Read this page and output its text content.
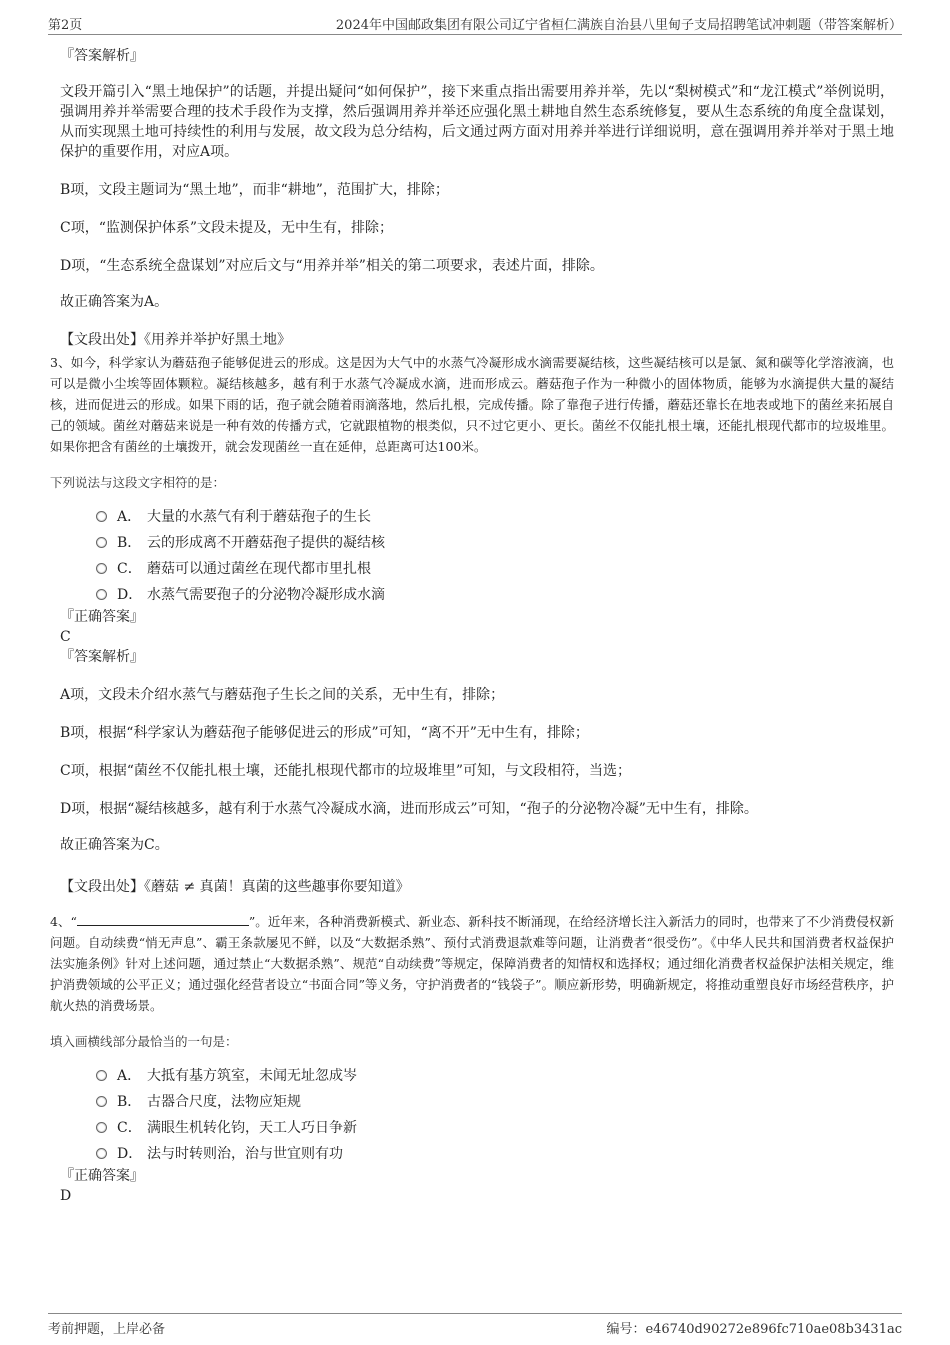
第2页	2024年中国邮政集团有限公司辽宁省桓仁满族自治县八里甸子支局招聘笔试冲刺题（带答案解析）
『答案解析』
文段开篇引入“黑土地保护”的话题，并提出疑问“如何保护”，接下来重点指出需要用养并举，先以“梨树模式”和“龙江模式”举例说明，强调用养并举需要合理的技术手段作为支撑，然后强调用养并举还应强化黑土耕地自然生态系统修复，要从生态系统的角度全盘谋划，从而实现黑土地可持续性的利用与发展，故文段为总分结构，后文通过两方面对用养并举进行详细说明，意在强调用养并举对于黑土地保护的重要作用，对应A项。
B项，文段主题词为“黑土地”，而非“耕地”，范围扩大，排除；
C项，“监测保护体系”文段未提及，无中生有，排除；
D项，“生态系统全盘谋划”对应后文与“用养并举”相关的第二项要求，表述片面，排除。
故正确答案为A。
【文段出处】《用养并举护好黑土地》

3、如今，科学家认为蘑菇孢子能够促进云的形成。这是因为大气中的水蒸气冷凝形成水滴需要凝结核，这些凝结核可以是氯、氮和碳等化学溶液滴，也可以是微小尘埃等固体颗粒。凝结核越多，越有利于水蒸气冷凝成水滴，进而形成云。蘑菇孢子作为一种微小的固体物质，能够为水滴提供大量的凝结核，进而促进云的形成。如果下雨的话，孢子就会随着雨滴落地，然后扎根，完成传播。除了靠孢子进行传播，蘑菇还靠长在地表或地下的菌丝来拓展自己的领域。菌丝对蘑菇来说是一种有效的传播方式，它就跟植物的根类似，只不过它更小、更长。菌丝不仅能扎根土壤，还能扎根现代都市的垃圾堆里。如果你把含有菌丝的土壤拨开，就会发现菌丝一直在延伸，总距离可达100米。

下列说法与这段文字相符的是：
A． 大量的水蒸气有利于蘑菇孢子的生长
B． 云的形成离不开蘑菇孢子提供的凝结核
C． 蘑菇可以通过菌丝在现代都市里扎根
D． 水蒸气需要孢子的分泌物冷凝形成水滴
『正确答案』
C
『答案解析』
A项，文段未介绍水蒸气与蘑菇孢子生长之间的关系，无中生有，排除；
B项，根据“科学家认为蘑菇孢子能够促进云的形成”可知，“离不开”无中生有，排除；
C项，根据“菌丝不仅能扎根土壤，还能扎根现代都市的垃圾堆里”可知，与文段相符，当选；
D项，根据“凝结核越多，越有利于水蒸气冷凝成水滴，进而形成云”可知，“孢子的分泌物冷凝”无中生有，排除。
故正确答案为C。
【文段出处】《蘑菇 ≠ 真菌！真菌的这些趣事你要知道》

4、“	”。近年来，各种消费新模式、新业态、新科技不断涌现，在给经济增长注入新活力的同时，也带来了不少消费侵权新问题。自动续费“悄无声息”、霸王条款屡见不鲜，以及“大数据杀熟”、预付式消费退款难等问题，让消费者“很受伤”。《中华人民共和国消费者权益保护法实施条例》针对上述问题，通过禁止“大数据杀熟”、规范“自动续费”等规定，保障消费者的知情权和选择权；通过细化消费者权益保护法相关规定，维护消费领域的公平正义；通过强化经营者设立“书面合同”等义务，守护消费者的“钱袋子”。顺应新形势，明确新规定，将推动重塑良好市场经营秩序，护航火热的消费场景。

填入画横线部分最恰当的一句是：
A． 大抵有基方筑室，未闻无址忽成岑
B． 古器合尺度，法物应矩规
C． 满眼生机转化钧，天工人巧日争新
D． 法与时转则治，治与世宜则有功
『正确答案』
D
考前押题，上岸必备	编号：e46740d90272e896fc710ae08b3431ac
